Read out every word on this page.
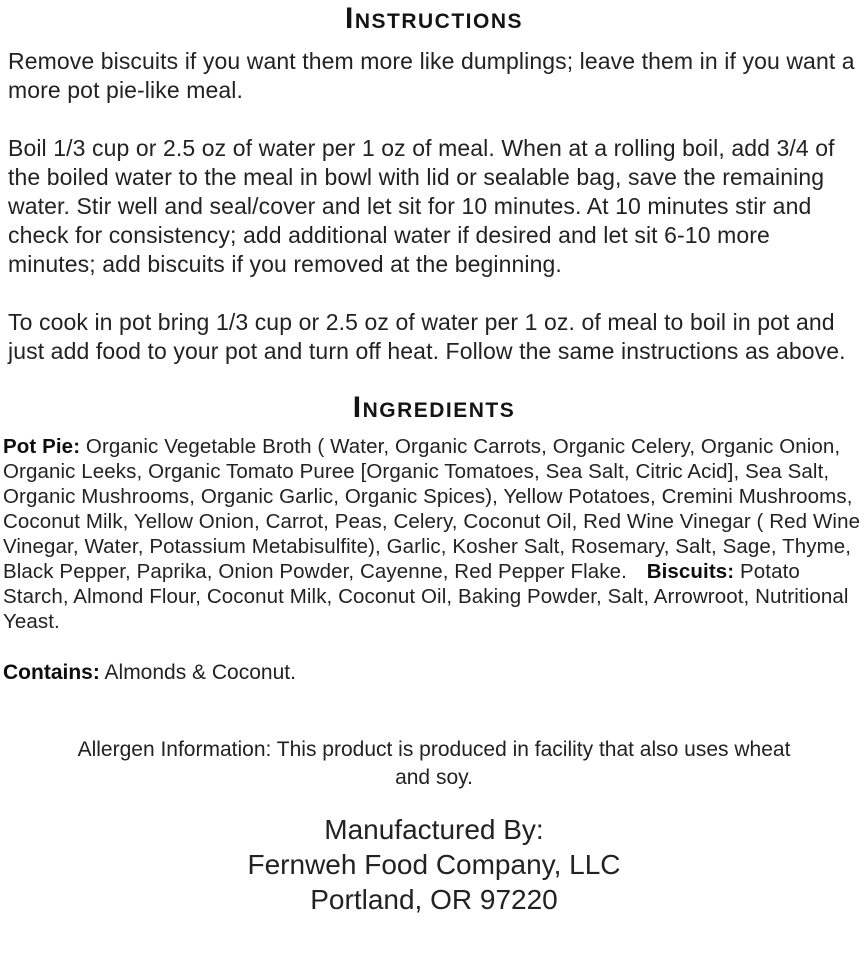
Instructions

Remove biscuits if you want them more like dumplings; leave them in if you want a more pot pie-like meal.

Boil 1/3 cup or 2.5 oz of water per 1 oz of meal. When at a rolling boil, add 3/4 of the boiled water to the meal in bowl with lid or sealable bag, save the remaining water. Stir well and seal/cover and let sit for 10 minutes. At 10 minutes stir and check for consistency; add additional water if desired and let sit 6-10 more minutes; add biscuits if you removed at the beginning.

To cook in pot bring 1/3 cup or 2.5 oz of water per 1 oz. of meal to boil in pot and just add food to your pot and turn off heat. Follow the same instructions as above.

Ingredients

Pot Pie: Organic Vegetable Broth ( Water, Organic Carrots, Organic Celery, Organic Onion, Organic Leeks, Organic Tomato Puree [Organic Tomatoes, Sea Salt, Citric Acid], Sea Salt, Organic Mushrooms, Organic Garlic, Organic Spices), Yellow Potatoes, Cremini Mushrooms, Coconut Milk, Yellow Onion, Carrot, Peas, Celery, Coconut Oil, Red Wine Vinegar ( Red Wine Vinegar, Water, Potassium Metabisulfite), Garlic, Kosher Salt, Rosemary, Salt, Sage, Thyme, Black Pepper, Paprika, Onion Powder, Cayenne, Red Pepper Flake. Biscuits: Potato Starch, Almond Flour, Coconut Milk, Coconut Oil, Baking Powder, Salt, Arrowroot, Nutritional Yeast.

Contains: Almonds & Coconut.

Allergen Information: This product is produced in facility that also uses wheat and soy.

Manufactured By:
Fernweh Food Company, LLC
Portland, OR 97220
